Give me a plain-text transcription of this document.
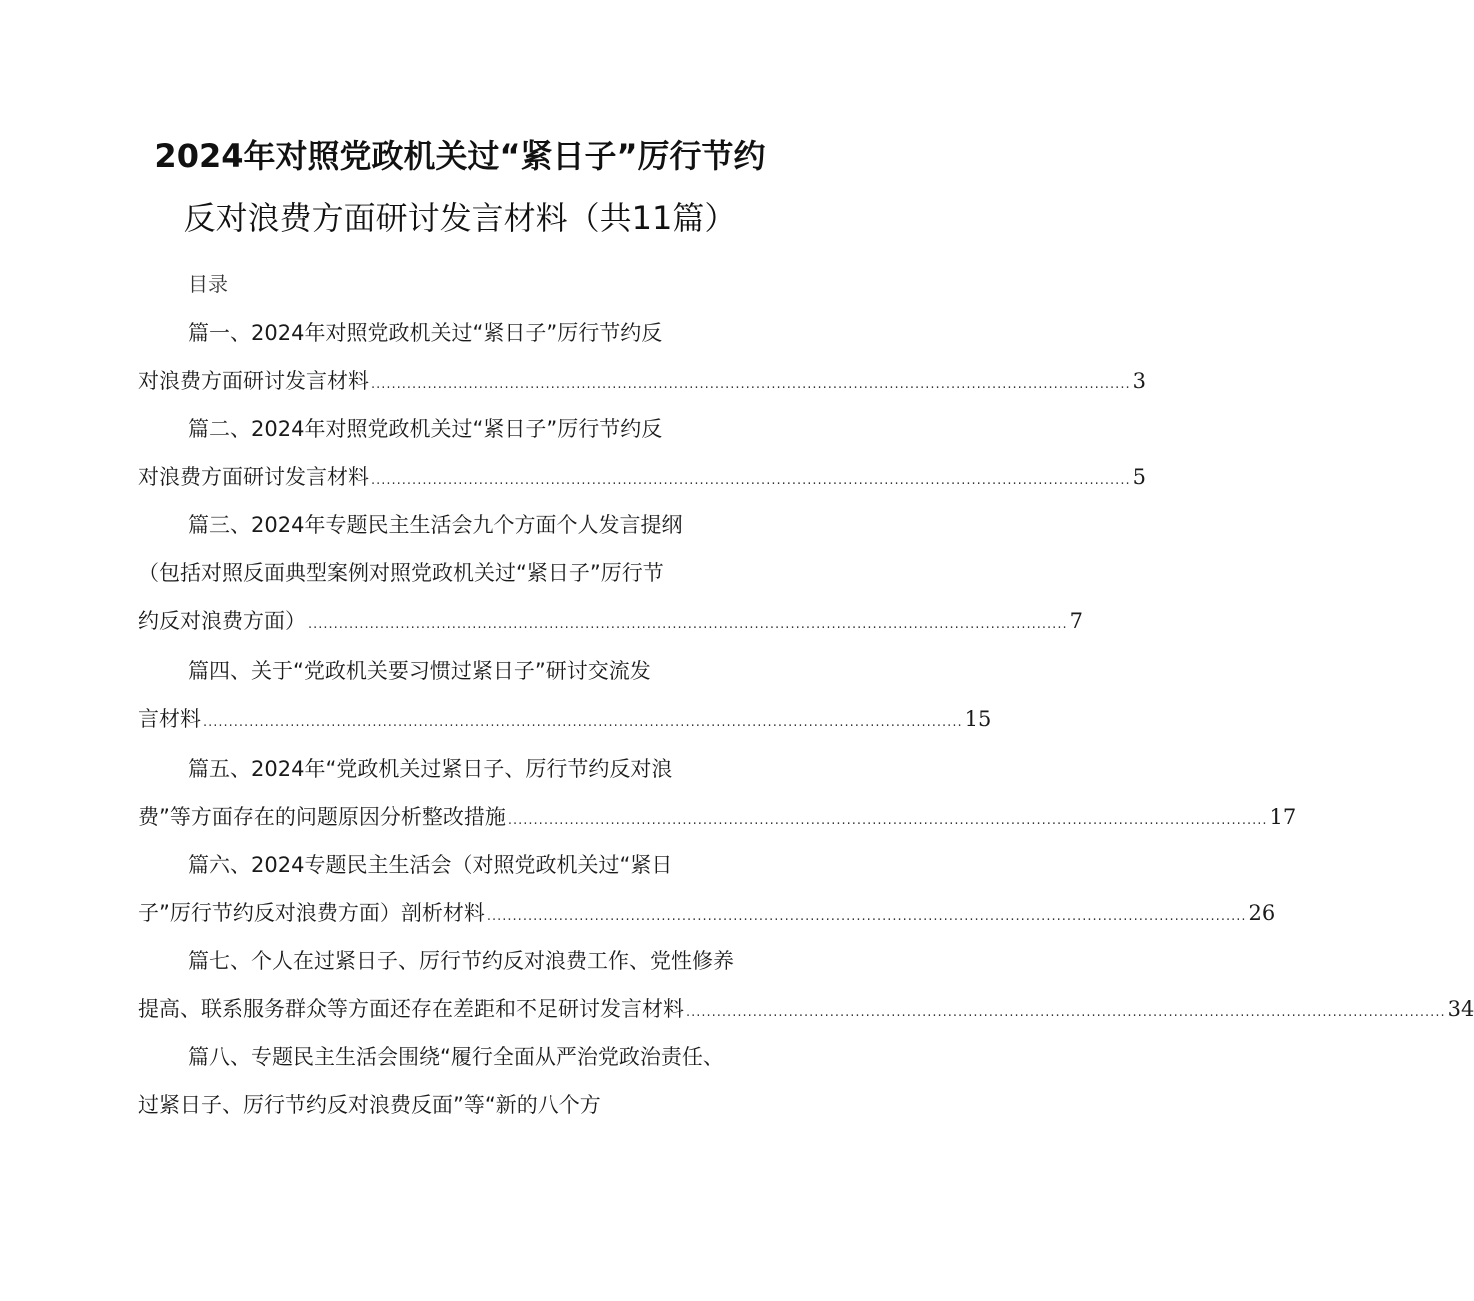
2024年对照党政机关过“紧日子”厉行节约
反对浪费方面研讨发言材料（共11篇）
目录
篇一、2024年对照党政机关过“紧日子”厉行节约反
对浪费方面研讨发言材料 .................................................................................................................................................... 3
篇二、2024年对照党政机关过“紧日子”厉行节约反
对浪费方面研讨发言材料 .................................................................................................................................................... 5
篇三、2024年专题民主生活会九个方面个人发言提纲
（包括对照反面典型案例对照党政机关过“紧日子”厉行节
约反对浪费方面） .................................................................................................................................................... 7
篇四、关于“党政机关要习惯过紧日子”研讨交流发
言材料 .................................................................................................................................................... 15
篇五、2024年“党政机关过紧日子、厉行节约反对浪
费”等方面存在的问题原因分析整改措施 .................................................................................................................................................... 17
篇六、2024专题民主生活会（对照党政机关过“紧日
子”厉行节约反对浪费方面）剖析材料 .................................................................................................................................................... 26
篇七、个人在过紧日子、厉行节约反对浪费工作、党性修养
提高、联系服务群众等方面还存在差距和不足研讨发言材料 .................................................................................................................................................... 34
篇八、专题民主生活会围绕“履行全面从严治党政治责任、
过紧日子、厉行节约反对浪费反面”等“新的八个方
